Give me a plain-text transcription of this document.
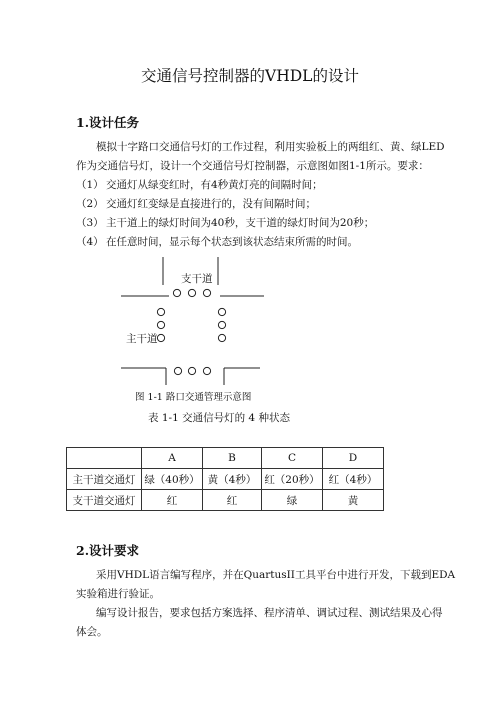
交通信号控制器的VHDL的设计
1.设计任务
模拟十字路口交通信号灯的工作过程，利用实验板上的两组红、黄、绿LED
作为交通信号灯，设计一个交通信号灯控制器，示意图如图1-1所示。要求：
（1） 交通灯从绿变红时，有4秒黄灯亮的间隔时间；
（2） 交通灯红变绿是直接进行的，没有间隔时间；
（3） 主干道上的绿灯时间为40秒，支干道的绿灯时间为20秒；
（4） 在任意时间，显示每个状态到该状态结束所需的时间。
支干道
主干道
图 1-1 路口交通管理示意图
表 1-1 交通信号灯的 4 种状态
	A	B	C	D
主干道交通灯	绿（40秒）	黄（4秒）	红（20秒）	红（4秒）
支干道交通灯	红	红	绿	黄
2.设计要求
采用VHDL语言编写程序，并在QuartusII工具平台中进行开发，下载到EDA
实验箱进行验证。
编写设计报告，要求包括方案选择、程序清单、调试过程、测试结果及心得
体会。
